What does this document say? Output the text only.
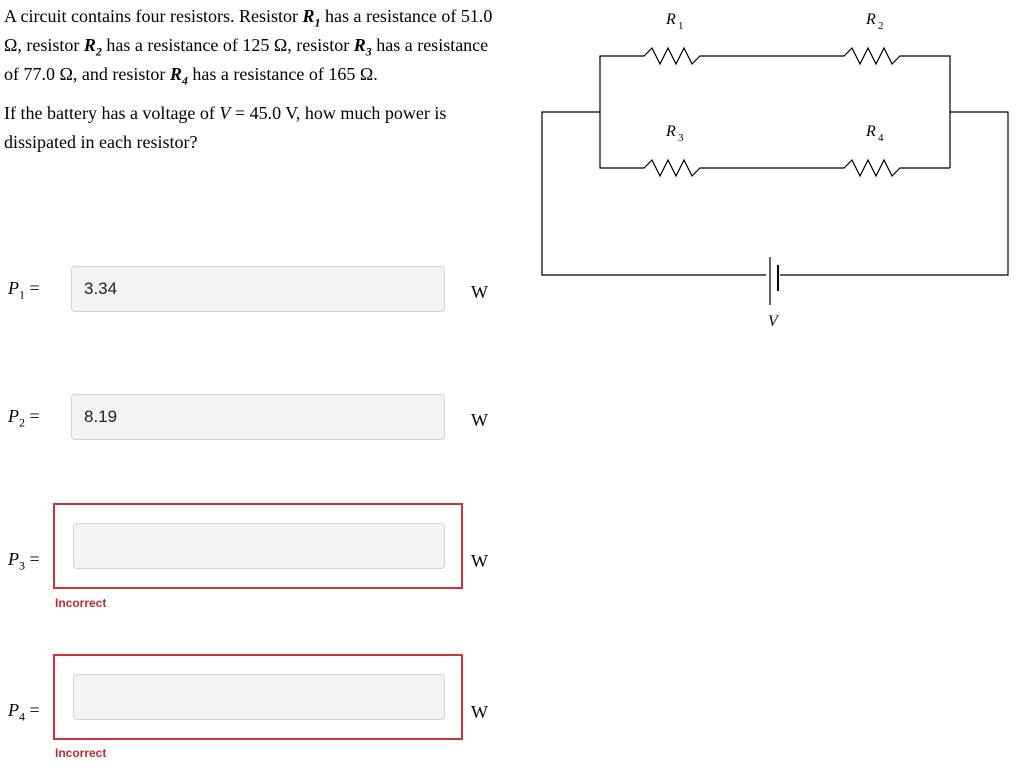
A circuit contains four resistors. Resistor $R_1$ has a resistance of 51.0 Ω, resistor $R_2$ has a resistance of 125 Ω, resistor $R_3$ has a resistance of 77.0 Ω, and resistor $R_4$ has a resistance of 165 Ω.

If the battery has a voltage of V = 45.0 V, how much power is dissipated in each resistor?

$P_1$ =
3.34	W
$P_2$ =
8.19	W
$P_3$ =	W
Incorrect
$P_4$ =	W
Incorrect
R 1	R 2
R 3	R 4
V
